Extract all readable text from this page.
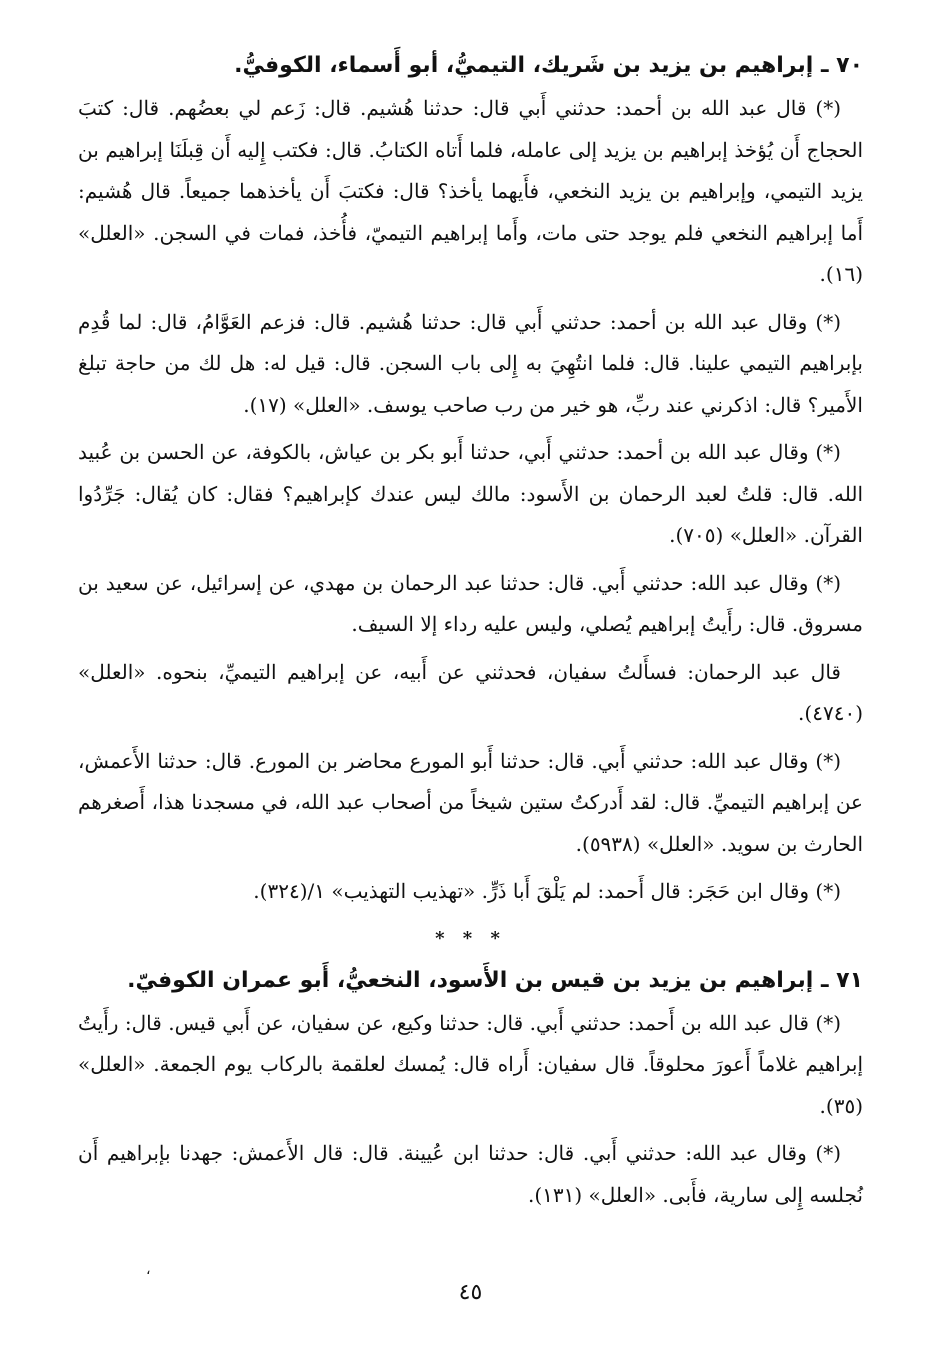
٧٠ ـ إبراهيم بن يزيد بن شَريك، التيميُّ، أبو أَسماء، الكوفيُّ.

(*) قال عبد الله بن أحمد: حدثني أَبي قال: حدثنا هُشيم. قال: زَعم لي بعضُهم. قال: كتبَ الحجاج أَن يُؤخذ إبراهيم بن يزيد إلى عامله، فلما أَتاه الكتابُ. قال: فكتب إِليه أَن قِبلَنَا إبراهيم بن يزيد التيمي، وإبراهيم بن يزيد النخعي، فأَيهما يأخذ؟ قال: فكتبَ أَن يأخذهما جميعاً. قال هُشيم: أَما إبراهيم النخعي فلم يوجد حتى مات، وأَما إبراهيم التيميّ، فأُخذ، فمات في السجن. «العلل» (١٦).

(*) وقال عبد الله بن أحمد: حدثني أَبي قال: حدثنا هُشيم. قال: فزعم العَوَّامُ، قال: لما قُدِم بإبراهيم التيمي علينا. قال: فلما انتُهِيَ به إِلى باب السجن. قال: قيل له: هل لك من حاجة تبلغ الأَمير؟ قال: اذكرني عند ربِّ، هو خير من رب صاحب يوسف. «العلل» (١٧).

(*) وقال عبد الله بن أحمد: حدثني أَبي، حدثنا أَبو بكر بن عياش، بالكوفة، عن الحسن بن عُبيد الله. قال: قلتُ لعبد الرحمان بن الأَسود: مالك ليس عندك كإبراهيم؟ فقال: كان يُقال: جَرِّدُوا القرآن. «العلل» (٧٠٥).

(*) وقال عبد الله: حدثني أَبي. قال: حدثنا عبد الرحمان بن مهدي، عن إسرائيل، عن سعيد بن مسروق. قال: رأَيتُ إبراهيم يُصلي، وليس عليه رداء إلا السيف.

قال عبد الرحمان: فسأَلتُ سفيان، فحدثني عن أَبيه، عن إبراهيم التيميِّ، بنحوه. «العلل» (٤٧٤٠).

(*) وقال عبد الله: حدثني أَبي. قال: حدثنا أَبو المورع محاضر بن المورع. قال: حدثنا الأَعمش، عن إبراهيم التيميِّ. قال: لقد أَدركتُ ستين شيخاً من أصحاب عبد الله، في مسجدنا هذا، أَصغرهم الحارث بن سويد. «العلل» (٥٩٣٨).

(*) وقال ابن حَجَر: قال أَحمد: لم يَلْقَ أَبا ذَرٍّ. «تهذيب التهذيب» ١/(٣٢٤).

* * *
٧١ ـ إبراهيم بن يزيد بن قيس بن الأَسود، النخعيُّ، أَبو عمران الكوفيّ.

(*) قال عبد الله بن أَحمد: حدثني أَبي. قال: حدثنا وكيع، عن سفيان، عن أَبي قيس. قال: رأَيتُ إبراهيم غلاماً أَعورَ محلوقاً. قال سفيان: أَراه قال: يُمسك لعلقمة بالركاب يوم الجمعة. «العلل» (٣٥).

(*) وقال عبد الله: حدثني أَبي. قال: حدثنا ابن عُيينة. قال: قال الأَعمش: جهدنا بإبراهيم أَن نُجلسه إِلى سارية، فأَبى. «العلل» (١٣١).

،
٤٥
